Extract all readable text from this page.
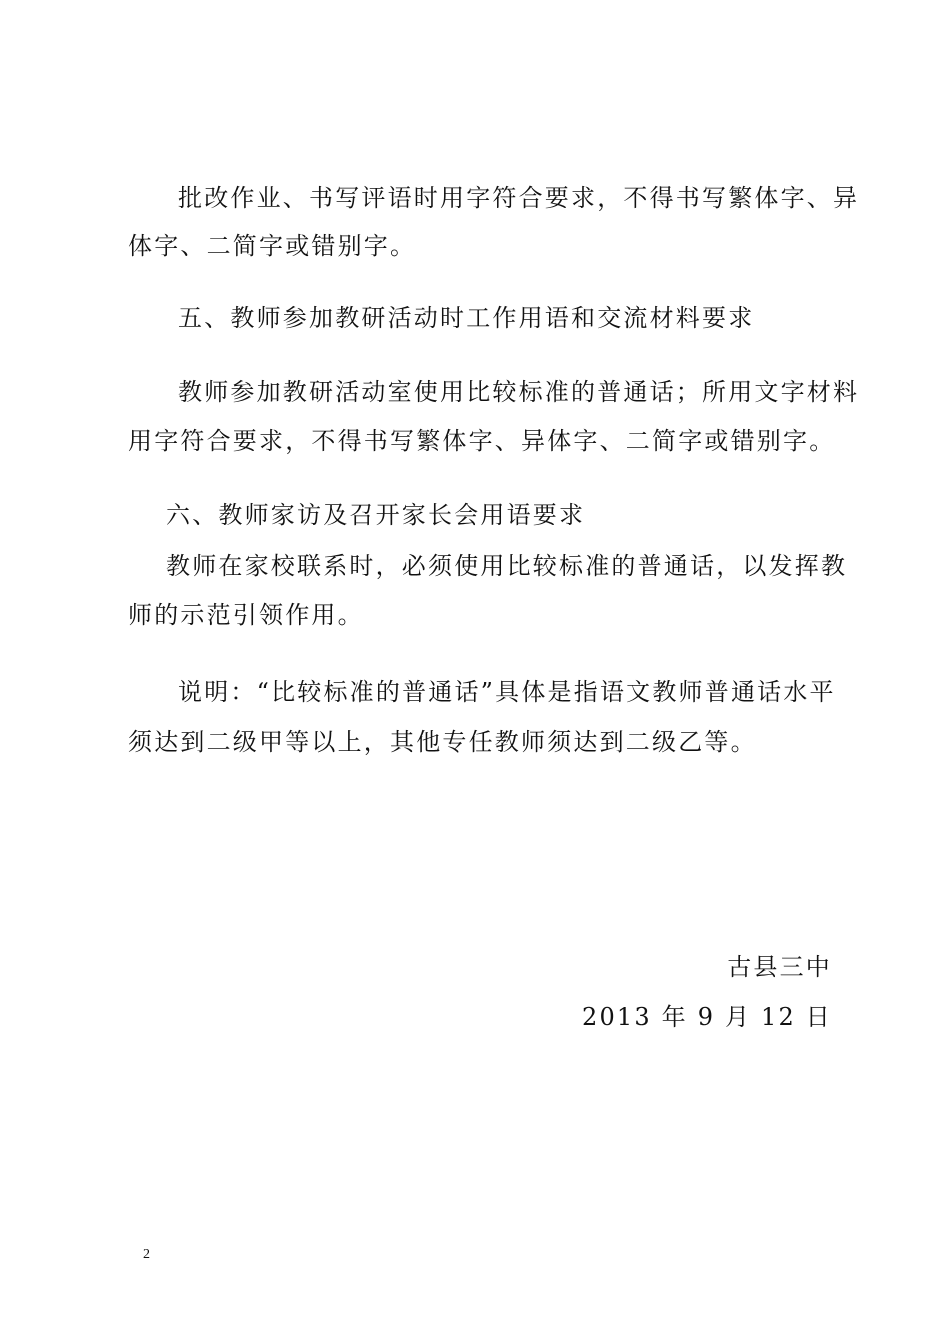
批改作业、书写评语时用字符合要求，不得书写繁体字、异
体字、二简字或错别字。
五、教师参加教研活动时工作用语和交流材料要求
教师参加教研活动室使用比较标准的普通话；所用文字材料
用字符合要求，不得书写繁体字、异体字、二简字或错别字。
六、教师家访及召开家长会用语要求
教师在家校联系时，必须使用比较标准的普通话，以发挥教
师的示范引领作用。
说明：“比较标准的普通话”具体是指语文教师普通话水平
须达到二级甲等以上，其他专任教师须达到二级乙等。
古县三中
2013 年 9 月 12 日
2
